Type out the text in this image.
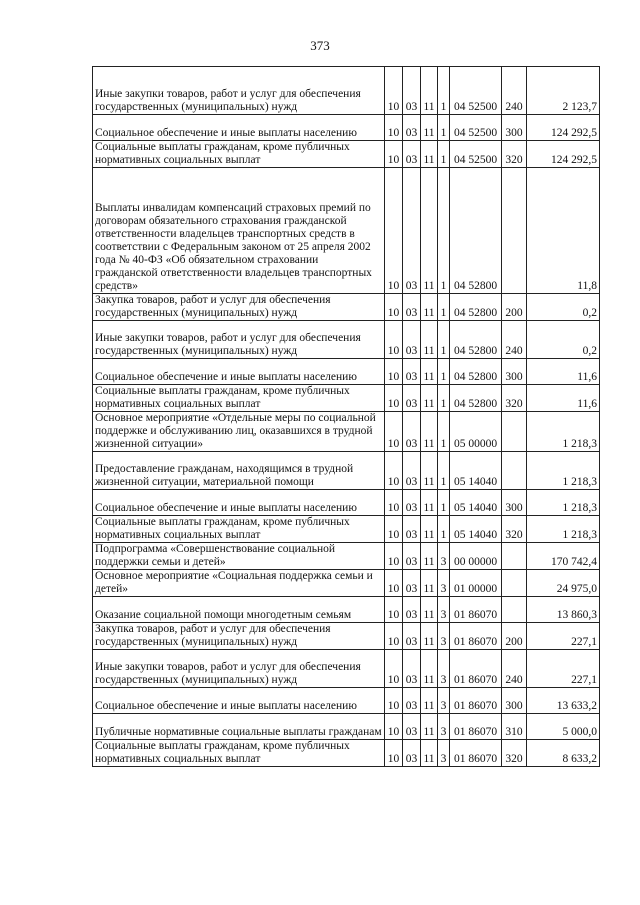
373
Иные закупки товаров, работ и услуг для обеспечения государственных (муниципальных) нужд	10	03	11	1	04 52500	240	2 123,7
Социальное обеспечение и иные выплаты населению	10	03	11	1	04 52500	300	124 292,5
Социальные выплаты гражданам, кроме публичных нормативных социальных выплат	10	03	11	1	04 52500	320	124 292,5
Выплаты инвалидам компенсаций страховых премий по договорам обязательного страхования гражданской ответственности владельцев транспортных средств в соответствии с Федеральным законом от 25 апреля 2002 года № 40-ФЗ «Об обязательном страховании гражданской ответственности владельцев транспортных средств»	10	03	11	1	04 52800		11,8
Закупка товаров, работ и услуг для обеспечения государственных (муниципальных) нужд	10	03	11	1	04 52800	200	0,2
Иные закупки товаров, работ и услуг для обеспечения государственных (муниципальных) нужд	10	03	11	1	04 52800	240	0,2
Социальное обеспечение и иные выплаты населению	10	03	11	1	04 52800	300	11,6
Социальные выплаты гражданам, кроме публичных нормативных социальных выплат	10	03	11	1	04 52800	320	11,6
Основное мероприятие «Отдельные меры по социальной поддержке и обслуживанию лиц, оказавшихся в трудной жизненной ситуации»	10	03	11	1	05 00000		1 218,3
Предоставление гражданам, находящимся в трудной жизненной ситуации, материальной помощи	10	03	11	1	05 14040		1 218,3
Социальное обеспечение и иные выплаты населению	10	03	11	1	05 14040	300	1 218,3
Социальные выплаты гражданам, кроме публичных нормативных социальных выплат	10	03	11	1	05 14040	320	1 218,3
Подпрограмма «Совершенствование социальной поддержки семьи и детей»	10	03	11	3	00 00000		170 742,4
Основное мероприятие «Социальная поддержка семьи и детей»	10	03	11	3	01 00000		24 975,0
Оказание социальной помощи многодетным семьям	10	03	11	3	01 86070		13 860,3
Закупка товаров, работ и услуг для обеспечения государственных (муниципальных) нужд	10	03	11	3	01 86070	200	227,1
Иные закупки товаров, работ и услуг для обеспечения государственных (муниципальных) нужд	10	03	11	3	01 86070	240	227,1
Социальное обеспечение и иные выплаты населению	10	03	11	3	01 86070	300	13 633,2
Публичные нормативные социальные выплаты гражданам	10	03	11	3	01 86070	310	5 000,0
Социальные выплаты гражданам, кроме публичных нормативных социальных выплат	10	03	11	3	01 86070	320	8 633,2
